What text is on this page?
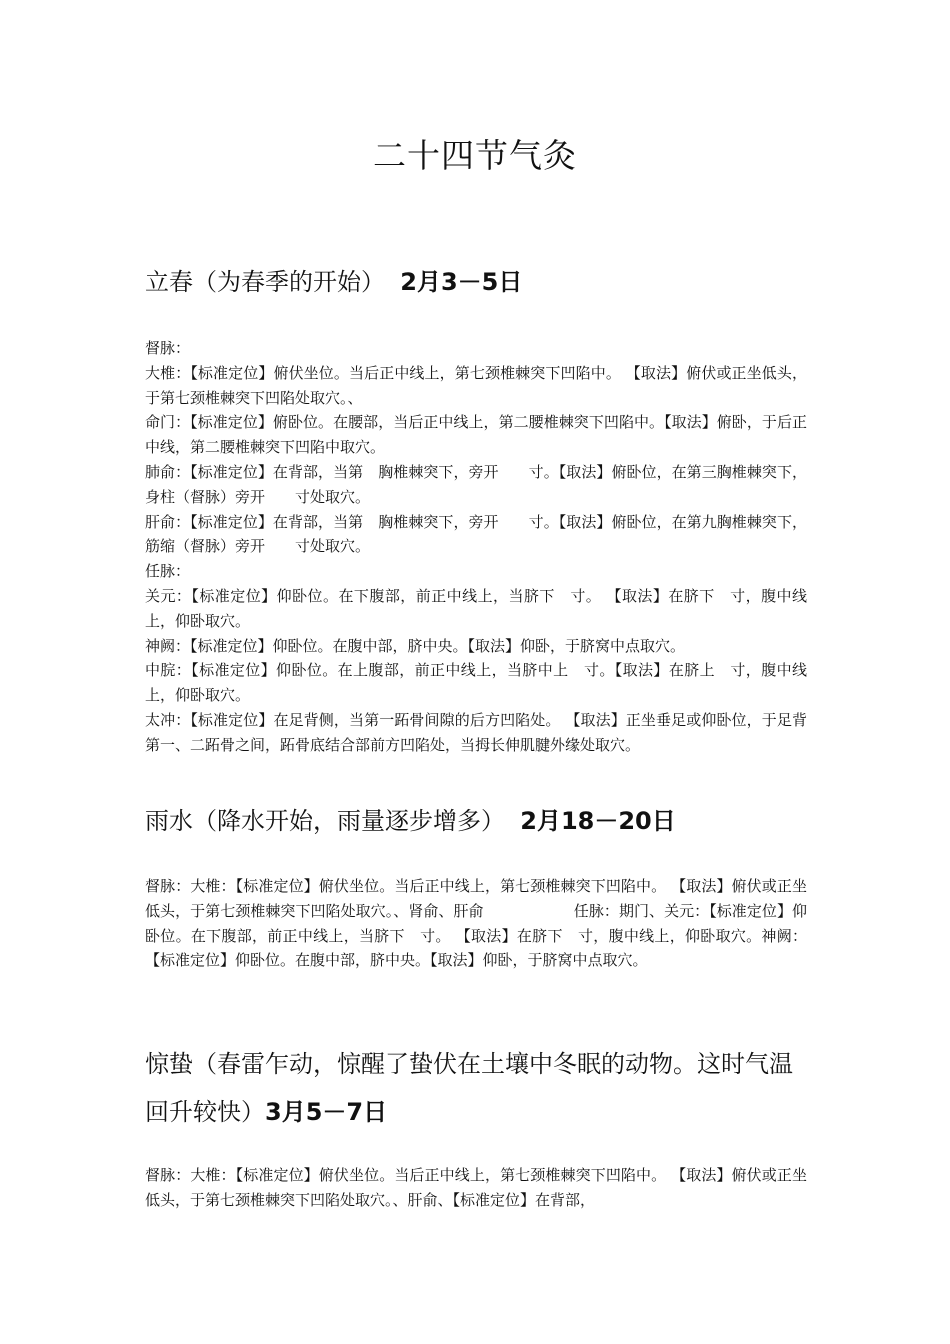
二十四节气灸
立春（为春季的开始） 2月3－5日

督脉：

大椎：【标准定位】俯伏坐位。当后正中线上，第七颈椎棘突下凹陷中。 【取法】俯伏或正坐低头，于第七颈椎棘突下凹陷处取穴。、

命门：【标准定位】俯卧位。在腰部，当后正中线上，第二腰椎棘突下凹陷中。【取法】俯卧，于后正中线，第二腰椎棘突下凹陷中取穴。

肺俞：【标准定位】在背部，当第　胸椎棘突下，旁开　　寸。【取法】俯卧位，在第三胸椎棘突下，身柱（督脉）旁开　　寸处取穴。

肝俞：【标准定位】在背部，当第　胸椎棘突下，旁开　　寸。【取法】俯卧位，在第九胸椎棘突下，筋缩（督脉）旁开　　寸处取穴。

任脉：

关元：【标准定位】仰卧位。在下腹部，前正中线上，当脐下　寸。 【取法】在脐下　寸，腹中线上，仰卧取穴。

神阙：【标准定位】仰卧位。在腹中部，脐中央。【取法】仰卧，于脐窝中点取穴。

中脘：【标准定位】仰卧位。在上腹部，前正中线上，当脐中上　寸。【取法】在脐上　寸，腹中线上，仰卧取穴。

太冲：【标准定位】在足背侧，当第一跖骨间隙的后方凹陷处。 【取法】正坐垂足或仰卧位，于足背第一、二跖骨之间，跖骨底结合部前方凹陷处，当拇长伸肌腱外缘处取穴。

雨水（降水开始，雨量逐步增多） 2月18－20日

督脉：大椎：【标准定位】俯伏坐位。当后正中线上，第七颈椎棘突下凹陷中。 【取法】俯伏或正坐低头，于第七颈椎棘突下凹陷处取穴。、肾俞、肝俞　　　　　　任脉：期门、关元：【标准定位】仰卧位。在下腹部，前正中线上，当脐下　寸。 【取法】在脐下　寸，腹中线上，仰卧取穴。神阙：【标准定位】仰卧位。在腹中部，脐中央。【取法】仰卧，于脐窝中点取穴。

惊蛰（春雷乍动，惊醒了蛰伏在土壤中冬眠的动物。这时气温回升较快）3月5－7日

督脉：大椎：【标准定位】俯伏坐位。当后正中线上，第七颈椎棘突下凹陷中。 【取法】俯伏或正坐低头，于第七颈椎棘突下凹陷处取穴。、肝俞、【标准定位】在背部，
